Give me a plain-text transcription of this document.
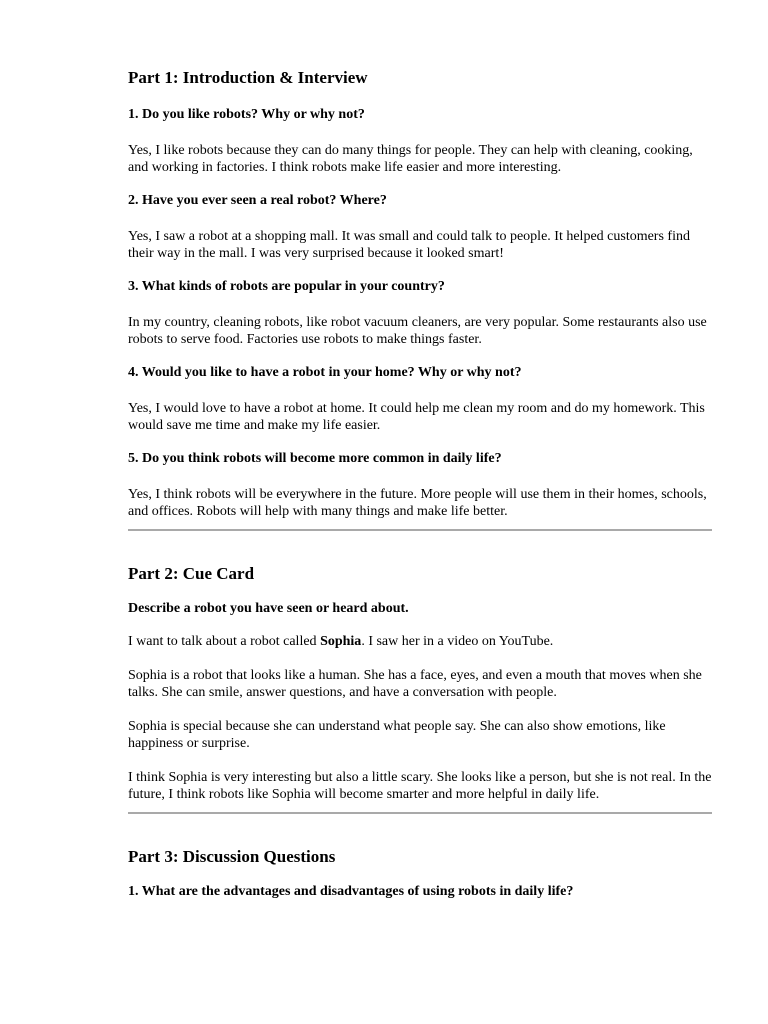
Part 1: Introduction & Interview

1. Do you like robots? Why or why not?

Yes, I like robots because they can do many things for people. They can help with cleaning, cooking, and working in factories. I think robots make life easier and more interesting.

2. Have you ever seen a real robot? Where?

Yes, I saw a robot at a shopping mall. It was small and could talk to people. It helped customers find their way in the mall. I was very surprised because it looked smart!

3. What kinds of robots are popular in your country?

In my country, cleaning robots, like robot vacuum cleaners, are very popular. Some restaurants also use robots to serve food. Factories use robots to make things faster.

4. Would you like to have a robot in your home? Why or why not?

Yes, I would love to have a robot at home. It could help me clean my room and do my homework. This would save me time and make my life easier.

5. Do you think robots will become more common in daily life?

Yes, I think robots will be everywhere in the future. More people will use them in their homes, schools, and offices. Robots will help with many things and make life better.

Part 2: Cue Card

Describe a robot you have seen or heard about.

I want to talk about a robot called Sophia. I saw her in a video on YouTube.

Sophia is a robot that looks like a human. She has a face, eyes, and even a mouth that moves when she talks. She can smile, answer questions, and have a conversation with people.

Sophia is special because she can understand what people say. She can also show emotions, like happiness or surprise.

I think Sophia is very interesting but also a little scary. She looks like a person, but she is not real. In the future, I think robots like Sophia will become smarter and more helpful in daily life.

Part 3: Discussion Questions

1. What are the advantages and disadvantages of using robots in daily life?
